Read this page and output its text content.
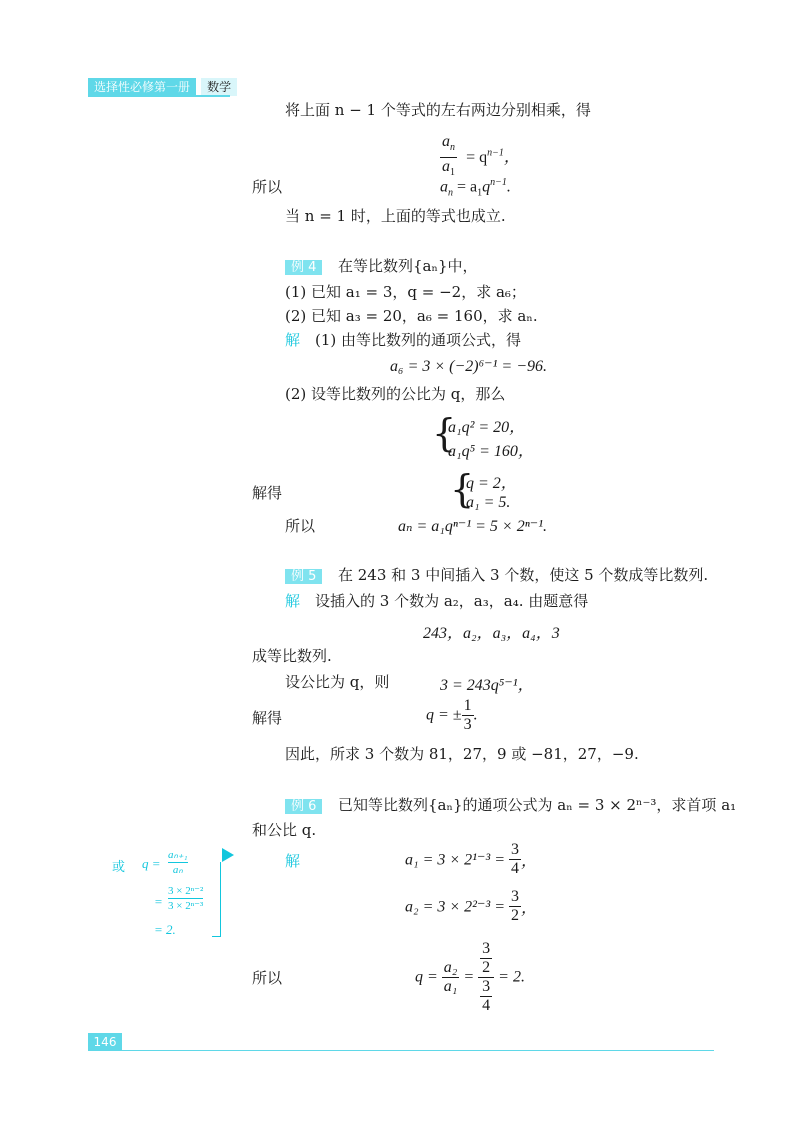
选择性必修第一册 数学
将上面 n − 1 个等式的左右两边分别相乘，得
$\frac{a_n}{a_1} = q^{n-1}$，
所以	$a_n = a_1q^{n-1}$.
当 n = 1 时，上面的等式也成立.
例 4	在等比数列{aₙ}中，
(1) 已知 a₁ = 3，q = −2，求 a₆；
(2) 已知 a₃ = 20，a₆ = 160，求 aₙ.
解 (1) 由等比数列的通项公式，得
a₆ = 3 × (−2)⁶⁻¹ = −96.
(2) 设等比数列的公比为 q，那么
{
a₁q² = 20，
a₁q⁵ = 160，
解得	{
q = 2，
a₁ = 5.
所以	aₙ = a₁qⁿ⁻¹ = 5 × 2ⁿ⁻¹.
例 5	在 243 和 3 中间插入 3 个数，使这 5 个数成等比数列.
解 设插入的 3 个数为 a₂，a₃，a₄. 由题意得
243，a₂，a₃，a₄，3
成等比数列.
设公比为 q，则	3 = 243q⁵⁻¹，
解得	q = ± $\frac{1}{3}$ .
因此，所求 3 个数为 81，27，9 或 −81，27，−9.
例 6	已知等比数列{aₙ}的通项公式为 aₙ = 3 × 2ⁿ⁻³，求首项 a₁
和公比 q.
解	$a_1 = 3 \times 2^{1-3} = \frac{3}{4}$ ，
$a_2 = 3 \times 2^{2-3} = \frac{3}{2}$ ，
所以	$q = \frac{\text{a₂}}{\text{a₁}} = \frac{\frac{3}{2}}{\frac{3}{4}} = 2$.
或 q =
aₙ₊₁
aₙ
=
3 × 2ⁿ⁻²
3 × 2ⁿ⁻³
= 2.
146
